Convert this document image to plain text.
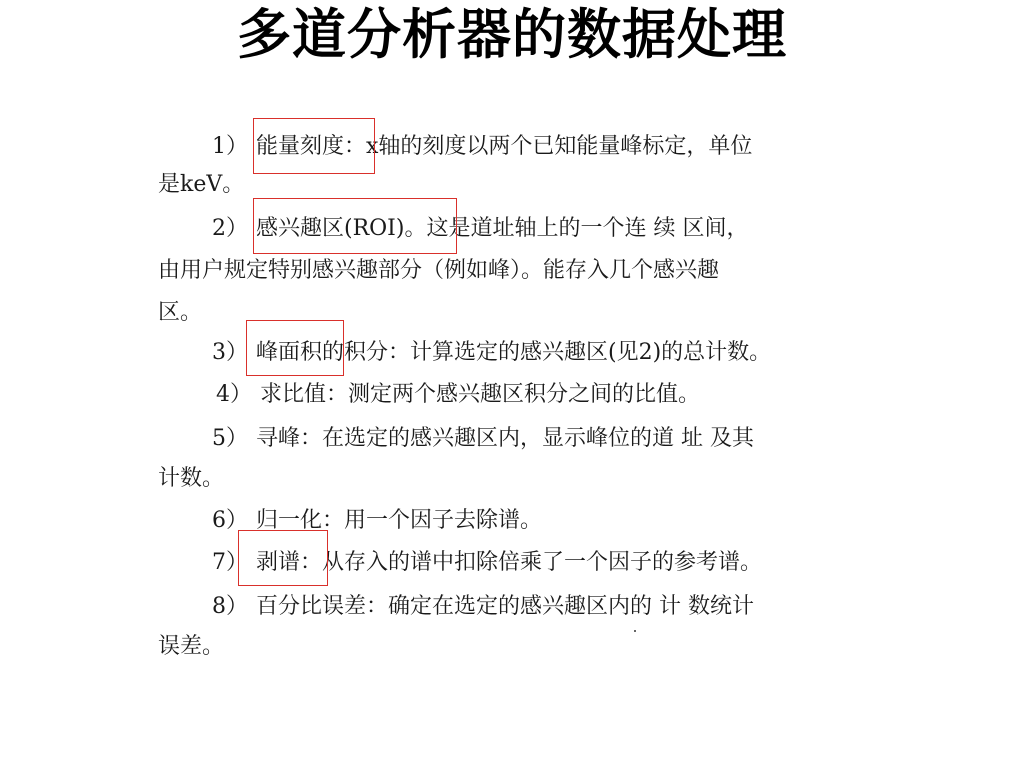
多道分析器的数据处理
1） 能量刻度：x轴的刻度以两个已知能量峰标定，单位
是keV。
2） 感兴趣区(ROI)。这是道址轴上的一个连 续 区间，
由用户规定特别感兴趣部分（例如峰）。能存入几个感兴趣
区。
3） 峰面积的积分：计算选定的感兴趣区(见2)的总计数。
4） 求比值：测定两个感兴趣区积分之间的比值。
5） 寻峰：在选定的感兴趣区内，显示峰位的道 址 及其
计数。
6） 归一化：用一个因子去除谱。
7） 剥谱：从存入的谱中扣除倍乘了一个因子的参考谱。
8） 百分比误差：确定在选定的感兴趣区内的 计 数统计
误差。
